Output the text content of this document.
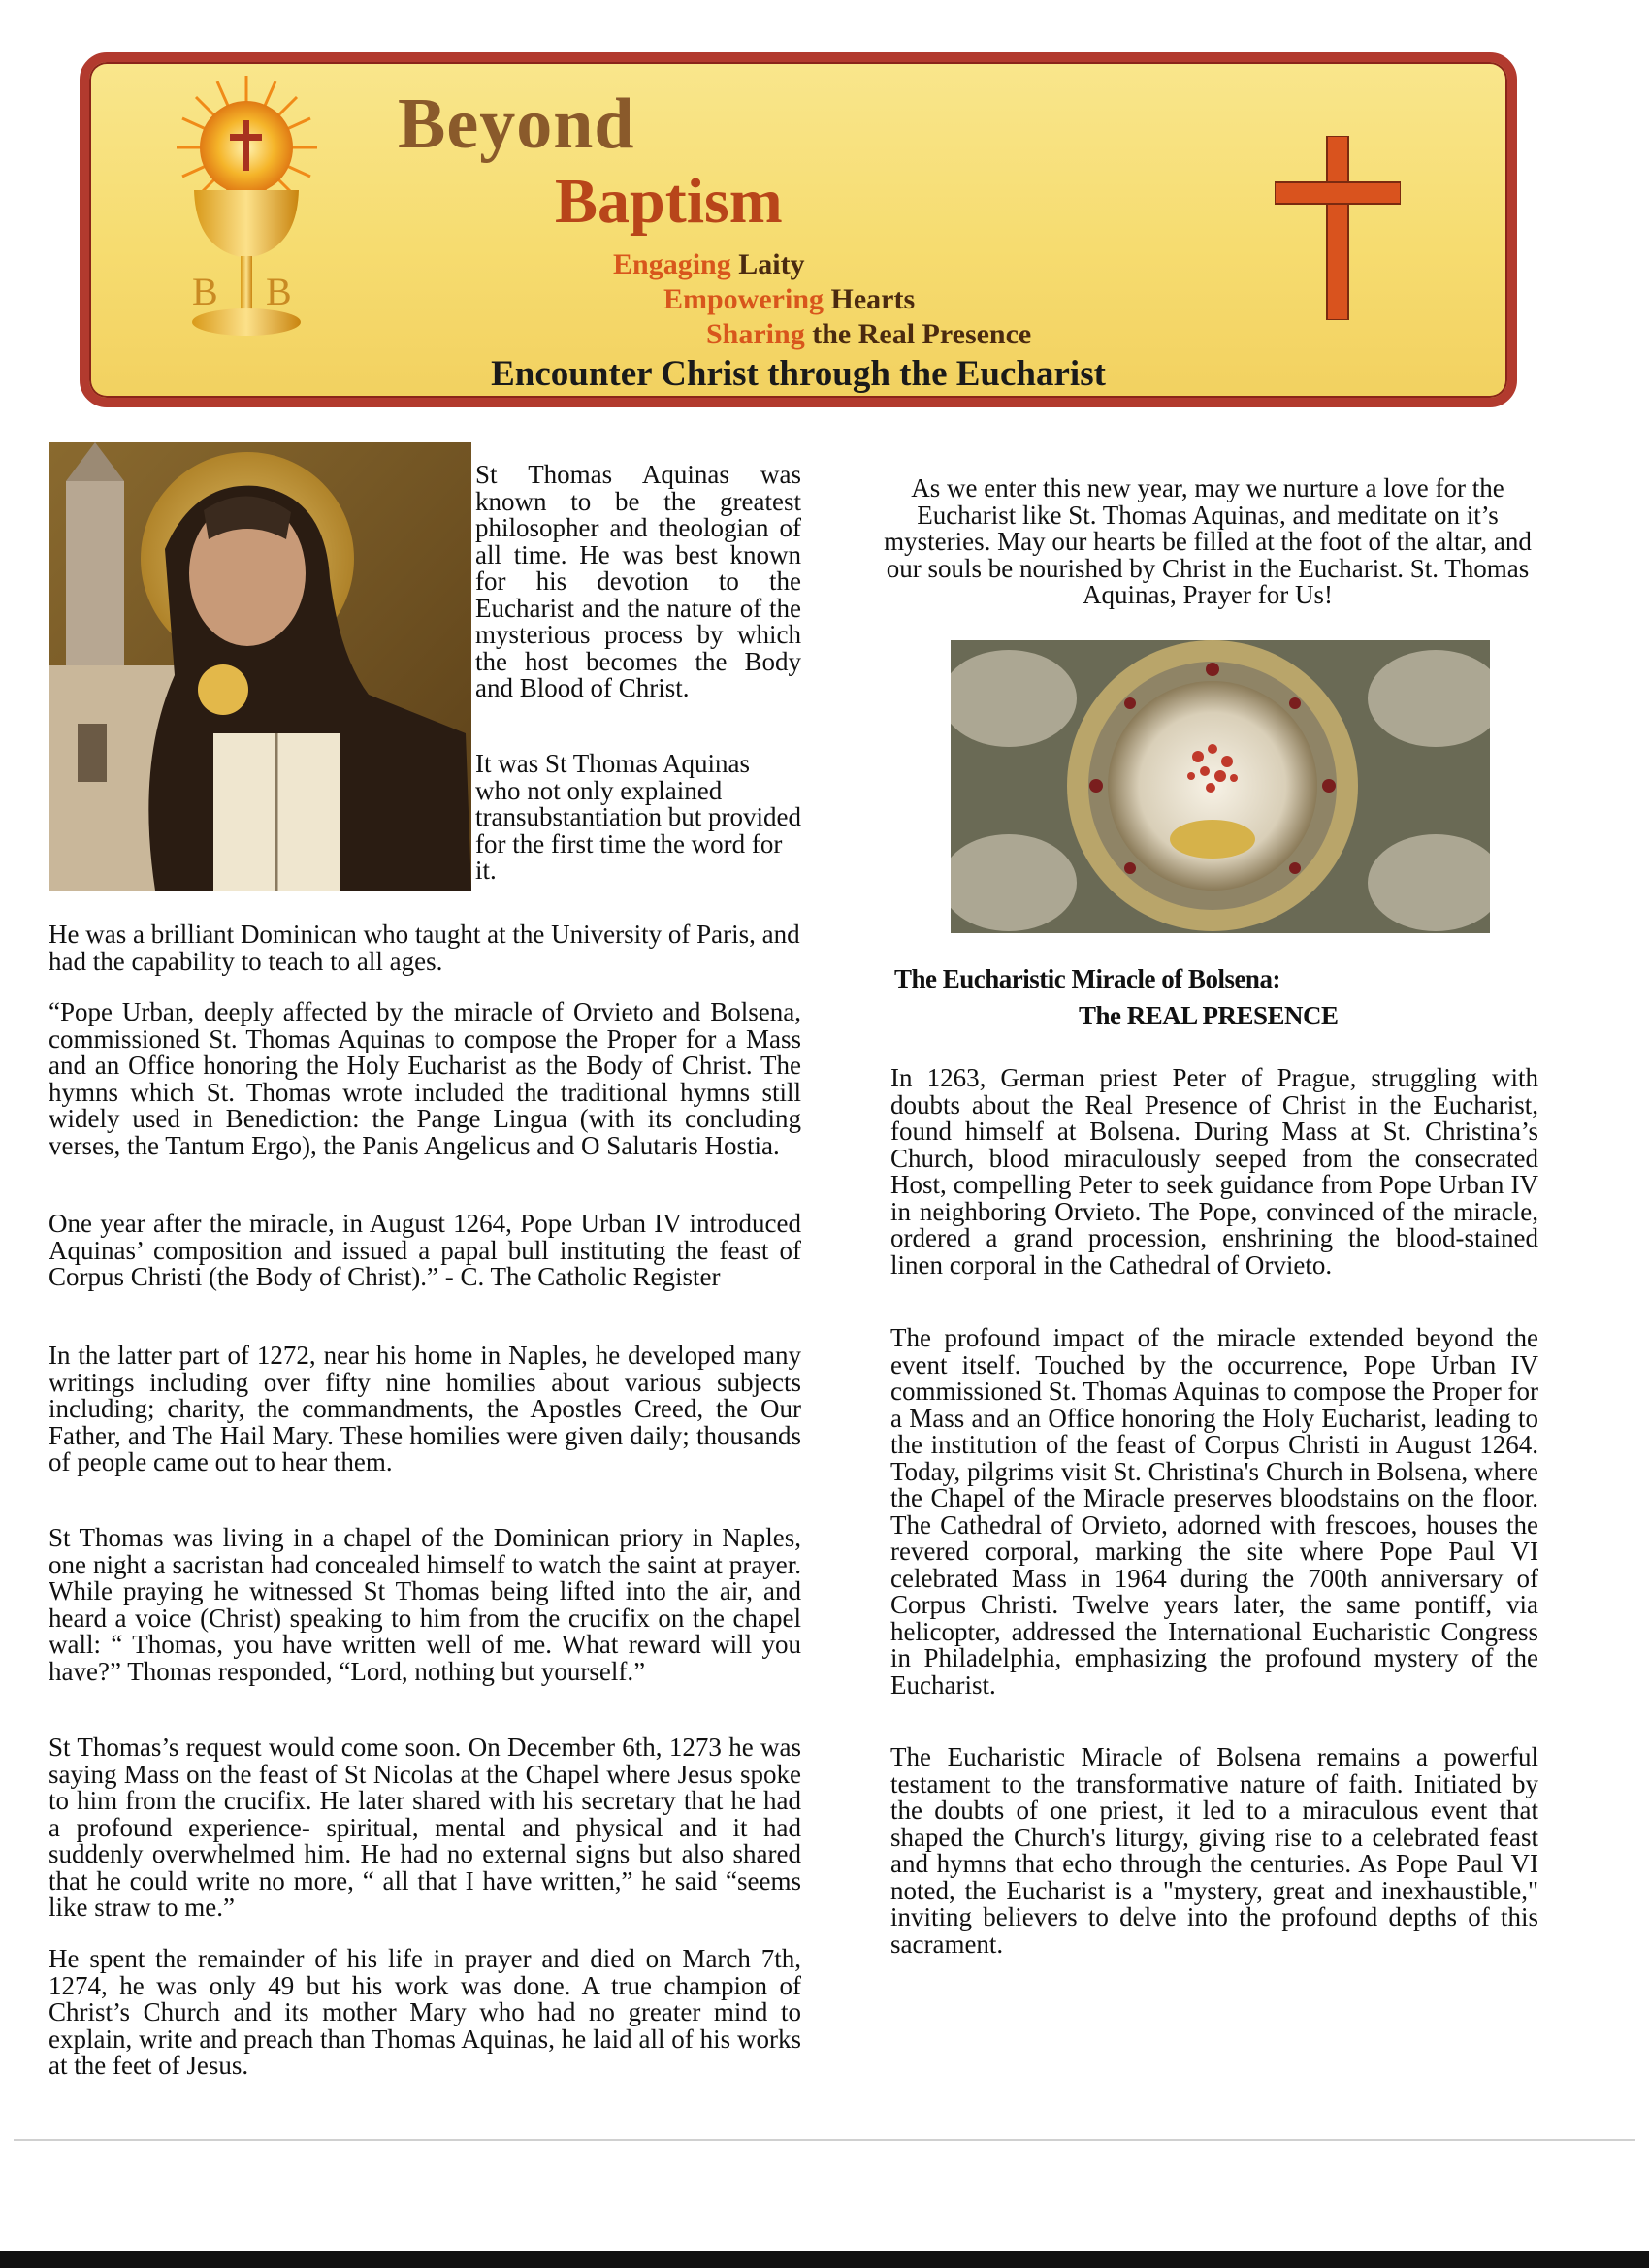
B B
Beyond
Baptism
Engaging Laity
Empowering Hearts
Sharing the Real Presence
Encounter Christ through the Eucharist

St Thomas Aquinas was known to be the greatest philosopher and theologian of all time. He was best known for his devotion to the Eucharist and the nature of the mysterious process by which the host becomes the Body and Blood of Christ.

It was St Thomas Aquinas who not only explained transubstantiation but provided for the first time the word for it.

He was a brilliant Dominican who taught at the University of Paris, and had the capability to teach to all ages.

“Pope Urban, deeply affected by the miracle of Orvieto and Bolsena, commissioned St. Thomas Aquinas to compose the Proper for a Mass and an Office honoring the Holy Eucharist as the Body of Christ. The hymns which St. Thomas wrote included the traditional hymns still widely used in Benediction: the Pange Lingua (with its concluding verses, the Tantum Ergo), the Panis Angelicus and O Salutaris Hostia.

One year after the miracle, in August 1264, Pope Urban IV introduced Aquinas’ composition and issued a papal bull instituting the feast of Corpus Christi (the Body of Christ).” - C. The Catholic Register

In the latter part of 1272, near his home in Naples, he developed many writings including over fifty nine homilies about various subjects including; charity, the commandments, the Apostles Creed, the Our Father, and The Hail Mary. These homilies were given daily; thousands of people came out to hear them.

St Thomas was living in a chapel of the Dominican priory in Naples, one night a sacristan had concealed himself to watch the saint at prayer. While praying he witnessed St Thomas being lifted into the air, and heard a voice (Christ) speaking to him from the crucifix on the chapel wall: “ Thomas, you have written well of me. What reward will you have?” Thomas responded, “Lord, nothing but yourself.”

St Thomas’s request would come soon. On December 6th, 1273 he was saying Mass on the feast of St Nicolas at the Chapel where Jesus spoke to him from the crucifix. He later shared with his secretary that he had a profound experience- spiritual, mental and physical and it had suddenly overwhelmed him. He had no external signs but also shared that he could write no more, “ all that I have written,” he said “seems like straw to me.”

He spent the remainder of his life in prayer and died on March 7th, 1274, he was only 49 but his work was done. A true champion of Christ’s Church and its mother Mary who had no greater mind to explain, write and preach than Thomas Aquinas, he laid all of his works at the feet of Jesus.

As we enter this new year, may we nurture a love for the Eucharist like St. Thomas Aquinas, and meditate on it’s mysteries. May our hearts be filled at the foot of the altar, and our souls be nourished by Christ in the Eucharist. St. Thomas Aquinas, Prayer for Us!

The Eucharistic Miracle of Bolsena:
The REAL PRESENCE

In 1263, German priest Peter of Prague, struggling with doubts about the Real Presence of Christ in the Eucharist, found himself at Bolsena. During Mass at St. Christina’s Church, blood miraculously seeped from the consecrated Host, compelling Peter to seek guidance from Pope Urban IV in neighboring Orvieto. The Pope, convinced of the miracle, ordered a grand procession, enshrining the blood-stained linen corporal in the Cathedral of Orvieto.

The profound impact of the miracle extended beyond the event itself. Touched by the occurrence, Pope Urban IV commissioned St. Thomas Aquinas to compose the Proper for a Mass and an Office honoring the Holy Eucharist, leading to the institution of the feast of Corpus Christi in August 1264. Today, pilgrims visit St. Christina's Church in Bolsena, where the Chapel of the Miracle preserves bloodstains on the floor. The Cathedral of Orvieto, adorned with frescoes, houses the revered corporal, marking the site where Pope Paul VI celebrated Mass in 1964 during the 700th anniversary of Corpus Christi. Twelve years later, the same pontiff, via helicopter, addressed the International Eucharistic Congress in Philadelphia, emphasizing the profound mystery of the Eucharist.

The Eucharistic Miracle of Bolsena remains a powerful testament to the transformative nature of faith. Initiated by the doubts of one priest, it led to a miraculous event that shaped the Church's liturgy, giving rise to a celebrated feast and hymns that echo through the centuries. As Pope Paul VI noted, the Eucharist is a "mystery, great and inexhaustible," inviting believers to delve into the profound depths of this sacrament.
